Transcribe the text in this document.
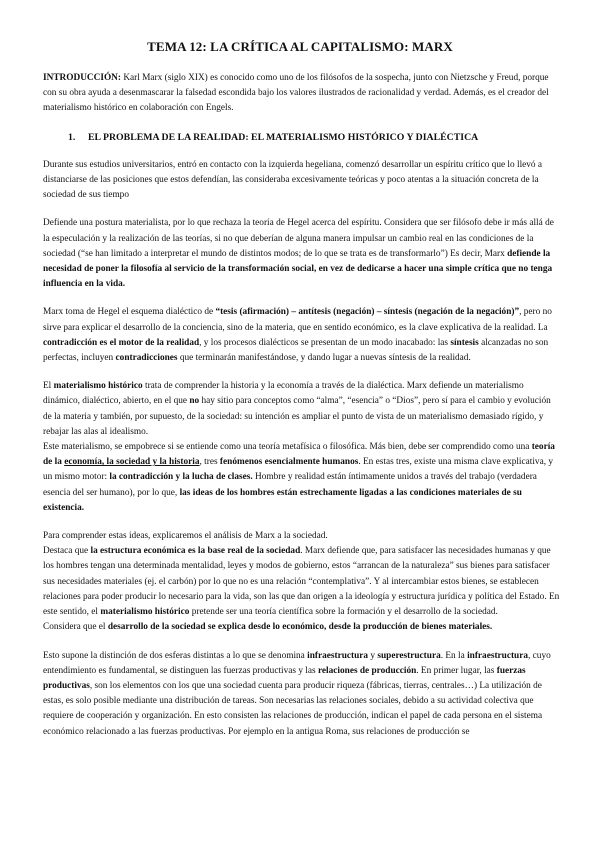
TEMA 12: LA CRÍTICA AL CAPITALISMO: MARX

INTRODUCCIÓN: Karl Marx (siglo XIX) es conocido como uno de los filósofos de la sospecha, junto con Nietzsche y Freud, porque con su obra ayuda a desenmascarar la falsedad escondida bajo los valores ilustrados de racionalidad y verdad. Además, es el creador del materialismo histórico en colaboración con Engels.

1. EL PROBLEMA DE LA REALIDAD: EL MATERIALISMO HISTÓRICO Y DIALÉCTICA

Durante sus estudios universitarios, entró en contacto con la izquierda hegeliana, comenzó desarrollar un espíritu crítico que lo llevó a distanciarse de las posiciones que estos defendían, las consideraba excesivamente teóricas y poco atentas a la situación concreta de la sociedad de sus tiempo

Defiende una postura materialista, por lo que rechaza la teoría de Hegel acerca del espíritu. Considera que ser filósofo debe ir más allá de la especulación y la realización de las teorías, si no que deberían de alguna manera impulsar un cambio real en las condiciones de la sociedad (“se han limitado a interpretar el mundo de distintos modos; de lo que se trata es de transformarlo”) Es decir, Marx defiende la necesidad de poner la filosofía al servicio de la transformación social, en vez de dedicarse a hacer una simple crítica que no tenga influencia en la vida.

Marx toma de Hegel el esquema dialéctico de “tesis (afirmación) – antítesis (negación) – síntesis (negación de la negación)”, pero no sirve para explicar el desarrollo de la conciencia, sino de la materia, que en sentido económico, es la clave explicativa de la realidad. La contradicción es el motor de la realidad, y los procesos dialécticos se presentan de un modo inacabado: las síntesis alcanzadas no son perfectas, incluyen contradicciones que terminarán manifestándose, y dando lugar a nuevas síntesis de la realidad.

El materialismo histórico trata de comprender la historia y la economía a través de la dialéctica. Marx defiende un materialismo dinámico, dialéctico, abierto, en el que no hay sitio para conceptos como “alma”, “esencia” o “Dios”, pero sí para el cambio y evolución de la materia y también, por supuesto, de la sociedad: su intención es ampliar el punto de vista de un materialismo demasiado rígido, y rebajar las alas al idealismo.

Este materialismo, se empobrece si se entiende como una teoría metafísica o filosófica. Más bien, debe ser comprendido como una teoría de la economía, la sociedad y la historia, tres fenómenos esencialmente humanos. En estas tres, existe una misma clave explicativa, y un mismo motor: la contradicción y la lucha de clases. Hombre y realidad están íntimamente unidos a través del trabajo (verdadera esencia del ser humano), por lo que, las ideas de los hombres están estrechamente ligadas a las condiciones materiales de su existencia.

Para comprender estas ideas, explicaremos el análisis de Marx a la sociedad.

Destaca que la estructura económica es la base real de la sociedad. Marx defiende que, para satisfacer las necesidades humanas y que los hombres tengan una determinada mentalidad, leyes y modos de gobierno, estos “arrancan de la naturaleza” sus bienes para satisfacer sus necesidades materiales (ej. el carbón) por lo que no es una relación “contemplativa”. Y al intercambiar estos bienes, se establecen relaciones para poder producir lo necesario para la vida, son las que dan origen a la ideología y estructura jurídica y política del Estado. En este sentido, el materialismo histórico pretende ser una teoría científica sobre la formación y el desarrollo de la sociedad.

Considera que el desarrollo de la sociedad se explica desde lo económico, desde la producción de bienes materiales.

Esto supone la distinción de dos esferas distintas a lo que se denomina infraestructura y superestructura. En la infraestructura, cuyo entendimiento es fundamental, se distinguen las fuerzas productivas y las relaciones de producción. En primer lugar, las fuerzas productivas, son los elementos con los que una sociedad cuenta para producir riqueza (fábricas, tierras, centrales…) La utilización de estas, es solo posible mediante una distribución de tareas. Son necesarias las relaciones sociales, debido a su actividad colectiva que requiere de cooperación y organización. En esto consisten las relaciones de producción, indican el papel de cada persona en el sistema económico relacionado a las fuerzas productivas. Por ejemplo en la antigua Roma, sus relaciones de producción se
